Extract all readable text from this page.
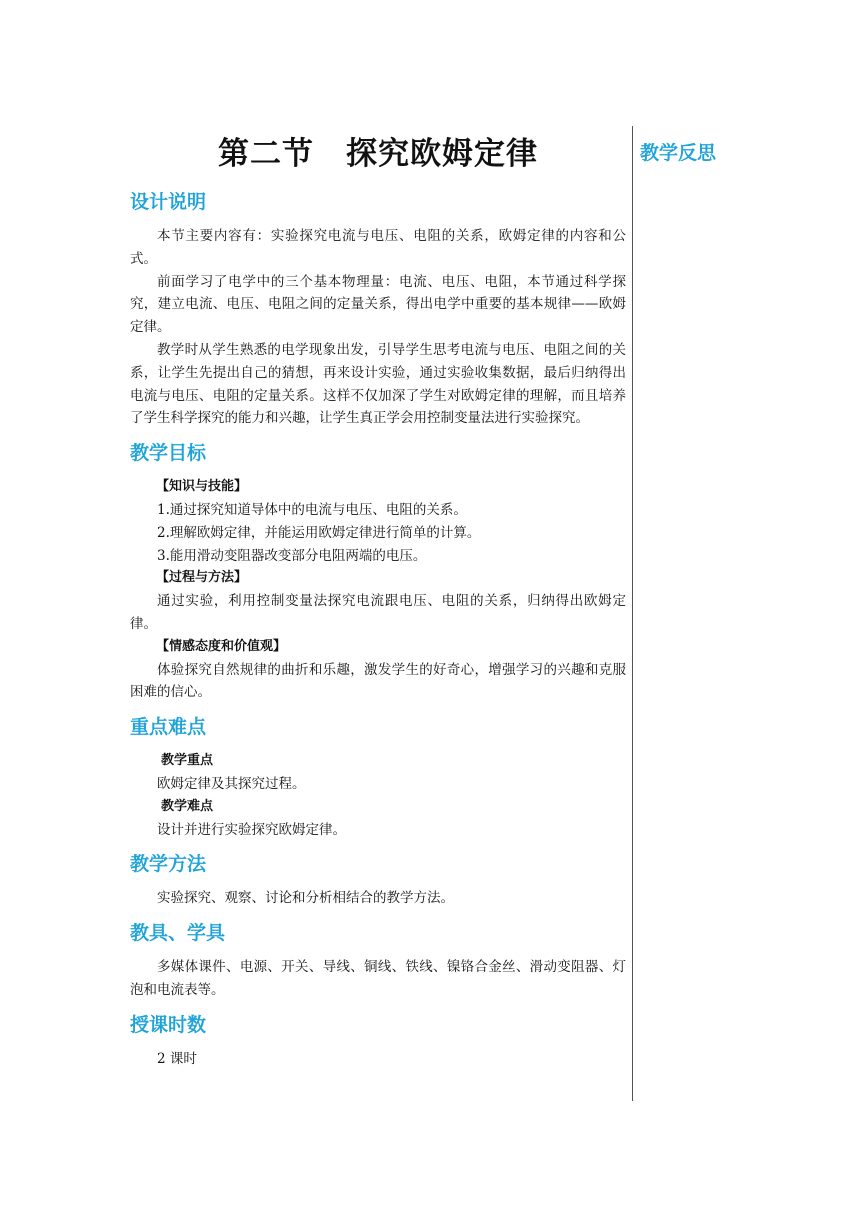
教学反思
第二节　探究欧姆定律
设计说明

本节主要内容有：实验探究电流与电压、电阻的关系，欧姆定律的内容和公式。

前面学习了电学中的三个基本物理量：电流、电压、电阻，本节通过科学探究，建立电流、电压、电阻之间的定量关系，得出电学中重要的基本规律——欧姆定律。

教学时从学生熟悉的电学现象出发，引导学生思考电流与电压、电阻之间的关系，让学生先提出自己的猜想，再来设计实验，通过实验收集数据，最后归纳得出电流与电压、电阻的定量关系。这样不仅加深了学生对欧姆定律的理解，而且培养了学生科学探究的能力和兴趣，让学生真正学会用控制变量法进行实验探究。

教学目标
【知识与技能】

1.通过探究知道导体中的电流与电压、电阻的关系。

2.理解欧姆定律，并能运用欧姆定律进行简单的计算。

3.能用滑动变阻器改变部分电阻两端的电压。

【过程与方法】

通过实验，利用控制变量法探究电流跟电压、电阻的关系，归纳得出欧姆定律。

【情感态度和价值观】

体验探究自然规律的曲折和乐趣，激发学生的好奇心，增强学习的兴趣和克服困难的信心。

重点难点
教学重点

欧姆定律及其探究过程。

教学难点

设计并进行实验探究欧姆定律。

教学方法

实验探究、观察、讨论和分析相结合的教学方法。

教具、学具

多媒体课件、电源、开关、导线、铜线、铁线、镍铬合金丝、滑动变阻器、灯泡和电流表等。

授课时数

2 课时
